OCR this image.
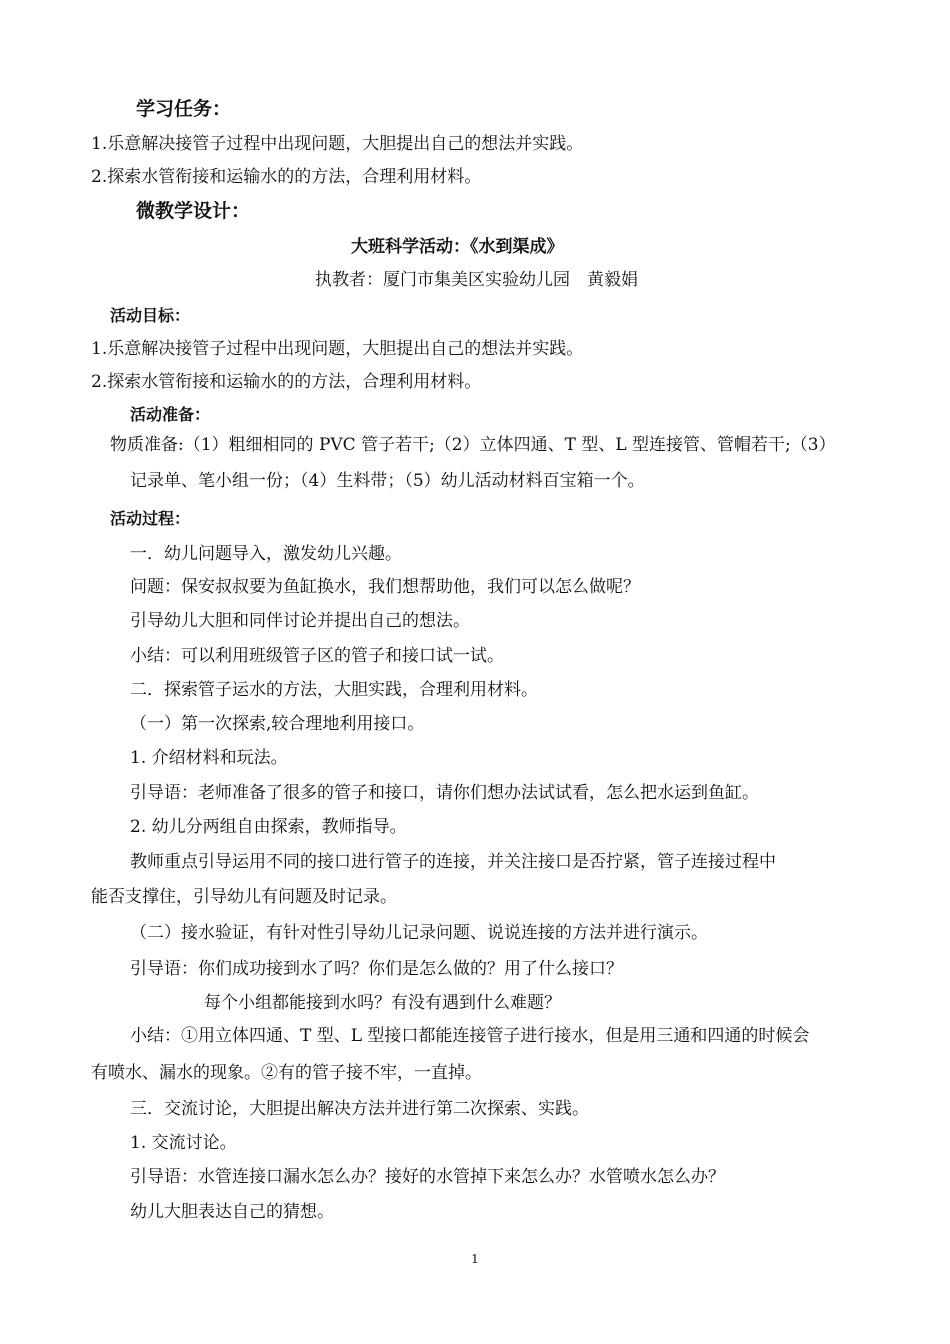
学习任务：
1.乐意解决接管子过程中出现问题，大胆提出自己的想法并实践。
2.探索水管衔接和运输水的的方法，合理利用材料。
微教学设计：
大班科学活动：《水到渠成》
执教者：厦门市集美区实验幼儿园　黄毅娟
活动目标：
1.乐意解决接管子过程中出现问题，大胆提出自己的想法并实践。
2.探索水管衔接和运输水的的方法，合理利用材料。
活动准备：
物质准备:（1）粗细相同的 PVC 管子若干;（2）立体四通、T 型、L 型连接管、管帽若干;（3）
记录单、笔小组一份；（4）生料带；（5）幼儿活动材料百宝箱一个。
活动过程：
一．幼儿问题导入，激发幼儿兴趣。
问题：保安叔叔要为鱼缸换水，我们想帮助他，我们可以怎么做呢？
引导幼儿大胆和同伴讨论并提出自己的想法。
小结：可以利用班级管子区的管子和接口试一试。
二．探索管子运水的方法，大胆实践，合理利用材料。
（一）第一次探索,较合理地利用接口。
1. 介绍材料和玩法。
引导语：老师准备了很多的管子和接口，请你们想办法试试看，怎么把水运到鱼缸。
2. 幼儿分两组自由探索，教师指导。
教师重点引导运用不同的接口进行管子的连接，并关注接口是否拧紧，管子连接过程中
能否支撑住，引导幼儿有问题及时记录。
（二）接水验证，有针对性引导幼儿记录问题、说说连接的方法并进行演示。
引导语：你们成功接到水了吗？你们是怎么做的？用了什么接口？
每个小组都能接到水吗？有没有遇到什么难题？
小结：①用立体四通、T 型、L 型接口都能连接管子进行接水，但是用三通和四通的时候会
有喷水、漏水的现象。②有的管子接不牢，一直掉。
三．交流讨论，大胆提出解决方法并进行第二次探索、实践。
1. 交流讨论。
引导语：水管连接口漏水怎么办？接好的水管掉下来怎么办？水管喷水怎么办？
幼儿大胆表达自己的猜想。
1
